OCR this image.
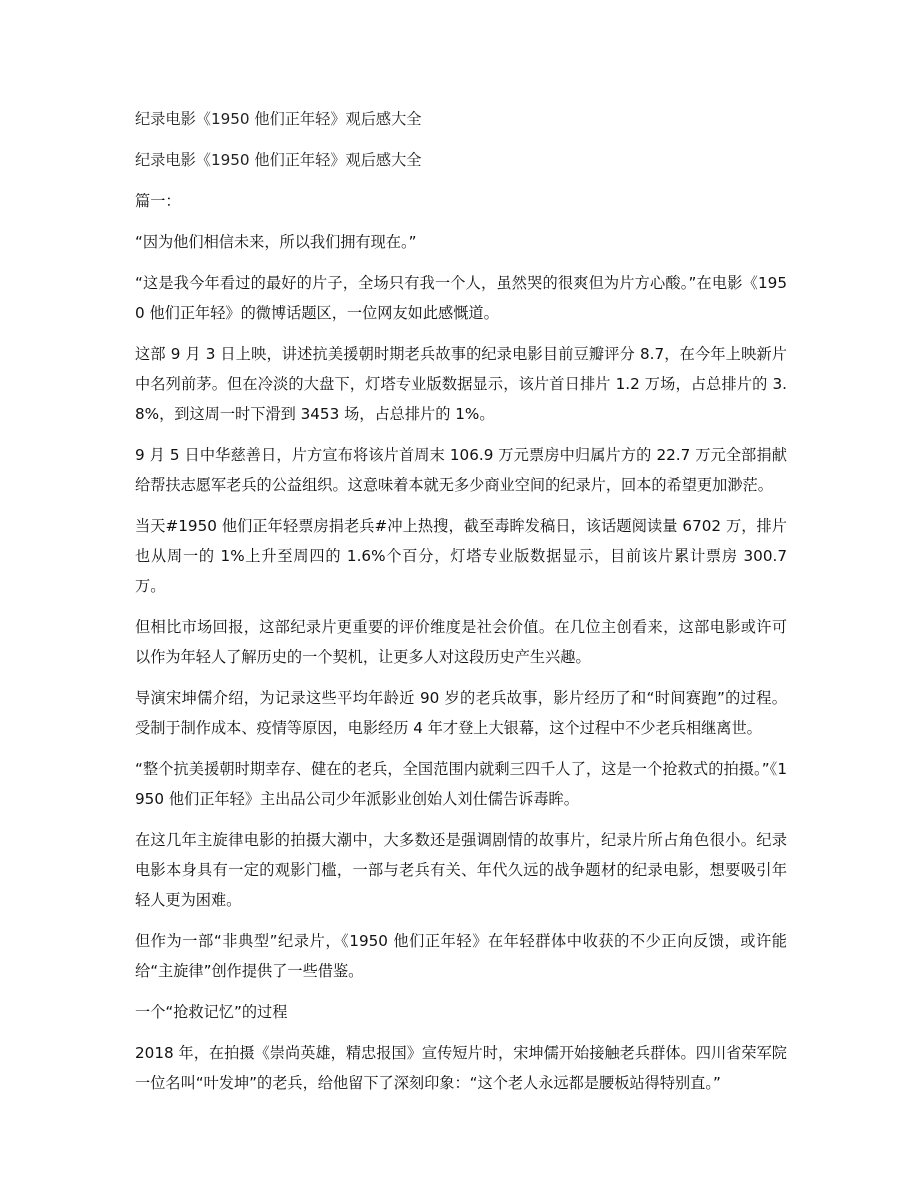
纪录电影《1950 他们正年轻》观后感大全

纪录电影《1950 他们正年轻》观后感大全

篇一：

“因为他们相信未来，所以我们拥有现在。”

“这是我今年看过的最好的片子，全场只有我一个人，虽然哭的很爽但为片方心酸。”在电影《1950 他们正年轻》的微博话题区，一位网友如此感慨道。

这部 9 月 3 日上映，讲述抗美援朝时期老兵故事的纪录电影目前豆瓣评分 8.7，在今年上映新片中名列前茅。但在冷淡的大盘下，灯塔专业版数据显示，该片首日排片 1.2 万场，占总排片的 3.8%，到这周一时下滑到 3453 场，占总排片的 1%。

9 月 5 日中华慈善日，片方宣布将该片首周末 106.9 万元票房中归属片方的 22.7 万元全部捐献给帮扶志愿军老兵的公益组织。这意味着本就无多少商业空间的纪录片，回本的希望更加渺茫。

当天#1950 他们正年轻票房捐老兵#冲上热搜，截至毒眸发稿日，该话题阅读量 6702 万，排片也从周一的 1%上升至周四的 1.6%个百分，灯塔专业版数据显示，目前该片累计票房 300.7 万。

但相比市场回报，这部纪录片更重要的评价维度是社会价值。在几位主创看来，这部电影或许可以作为年轻人了解历史的一个契机，让更多人对这段历史产生兴趣。

导演宋坤儒介绍，为记录这些平均年龄近 90 岁的老兵故事，影片经历了和“时间赛跑”的过程。受制于制作成本、疫情等原因，电影经历 4 年才登上大银幕，这个过程中不少老兵相继离世。

“整个抗美援朝时期幸存、健在的老兵，全国范围内就剩三四千人了，这是一个抢救式的拍摄。”《1950 他们正年轻》主出品公司少年派影业创始人刘仕儒告诉毒眸。

在这几年主旋律电影的拍摄大潮中，大多数还是强调剧情的故事片，纪录片所占角色很小。纪录电影本身具有一定的观影门槛，一部与老兵有关、年代久远的战争题材的纪录电影，想要吸引年轻人更为困难。

但作为一部“非典型”纪录片，《1950 他们正年轻》在年轻群体中收获的不少正向反馈，或许能给“主旋律”创作提供了一些借鉴。

一个“抢救记忆”的过程

2018 年，在拍摄《崇尚英雄，精忠报国》宣传短片时，宋坤儒开始接触老兵群体。四川省荣军院一位名叫“叶发坤”的老兵，给他留下了深刻印象：“这个老人永远都是腰板站得特别直。”
